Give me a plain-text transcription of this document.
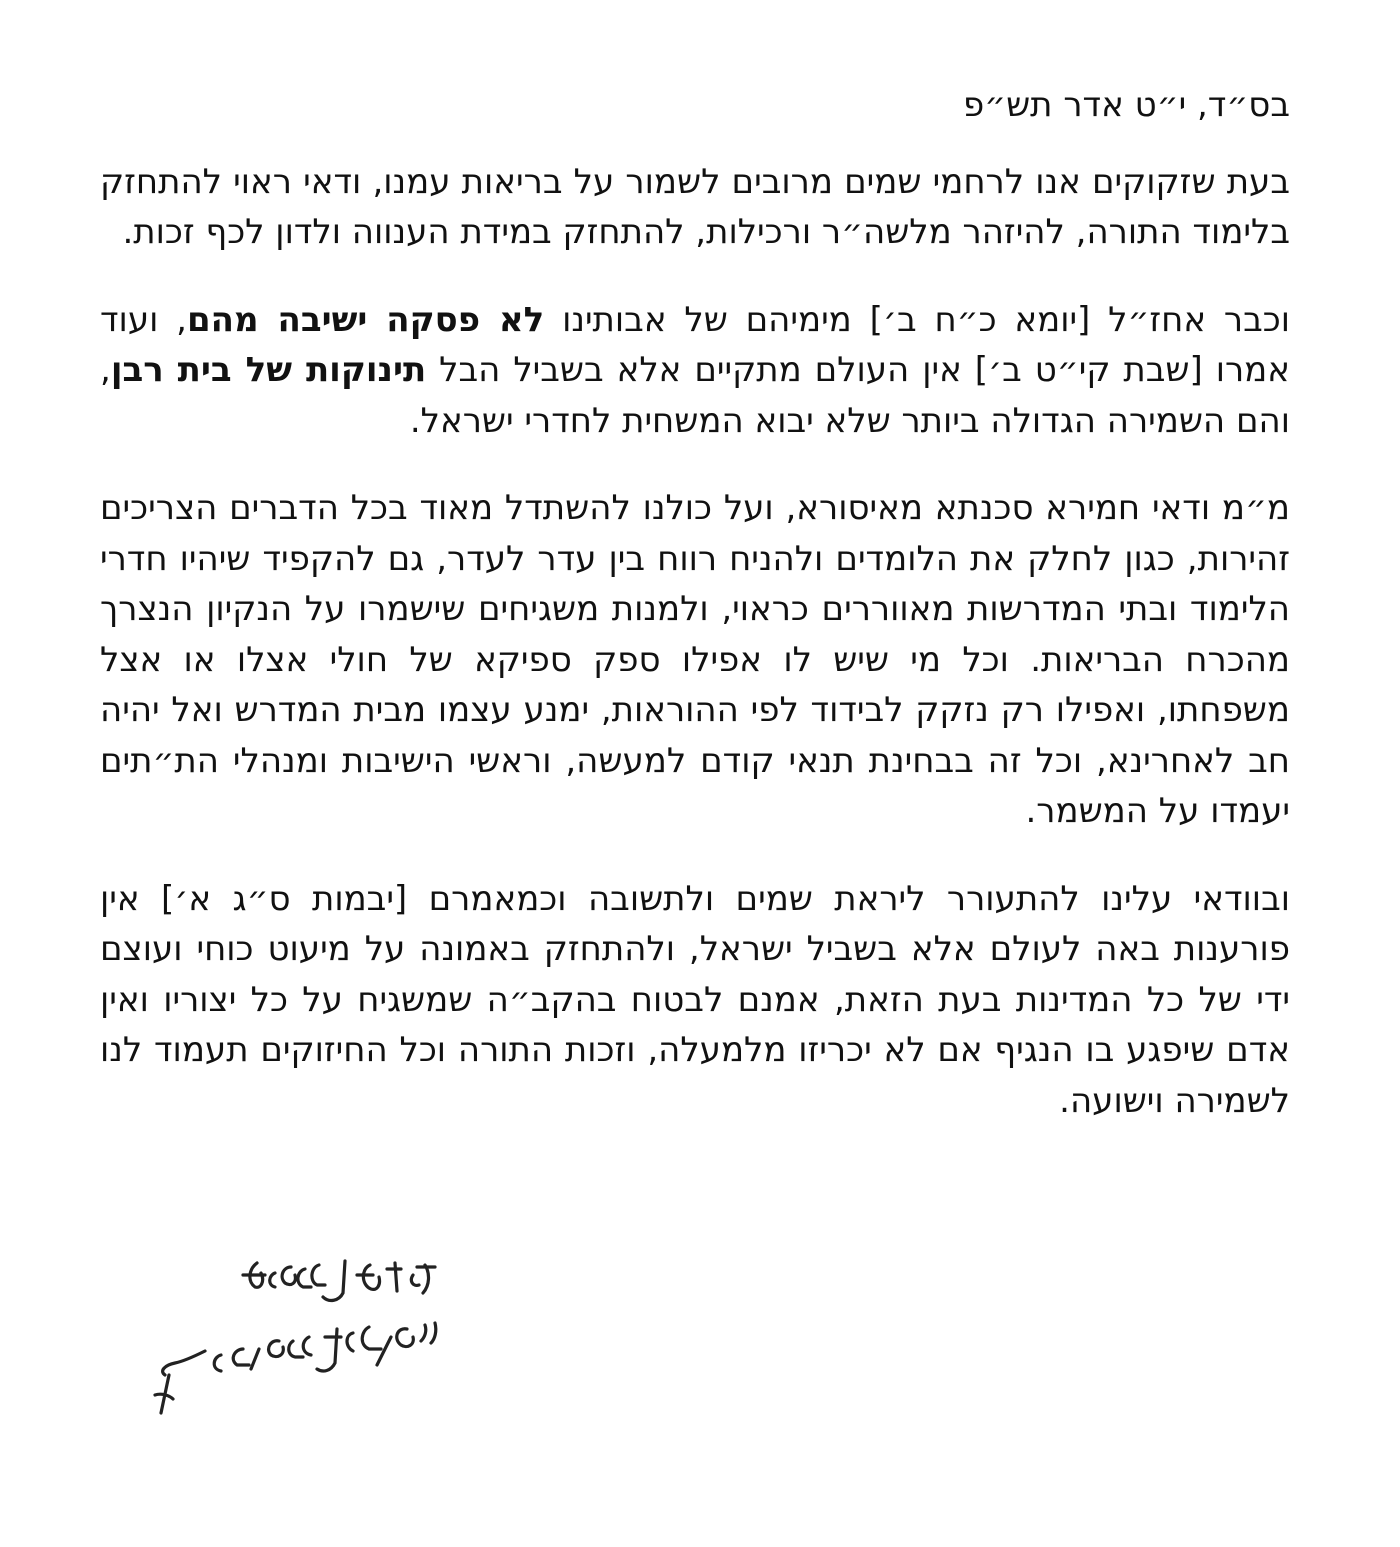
בס״ד, י״ט אדר תש״פ

בעת שזקוקים אנו לרחמי שמים מרובים לשמור על בריאות עמנו, ודאי ראוי להתחזק בלימוד התורה, להיזהר מלשה״ר ורכילות, להתחזק במידת הענווה ולדון לכף זכות.

וכבר אחז״ל [יומא כ״ח ב׳] מימיהם של אבותינו לא פסקה ישיבה מהם, ועוד אמרו [שבת קי״ט ב׳] אין העולם מתקיים אלא בשביל הבל תינוקות של בית רבן, והם השמירה הגדולה ביותר שלא יבוא המשחית לחדרי ישראל.

מ״מ ודאי חמירא סכנתא מאיסורא, ועל כולנו להשתדל מאוד בכל הדברים הצריכים זהירות, כגון לחלק את הלומדים ולהניח רווח בין עדר לעדר, גם להקפיד שיהיו חדרי הלימוד ובתי המדרשות מאווררים כראוי, ולמנות משגיחים שישמרו על הנקיון הנצרך מהכרח הבריאות. וכל מי שיש לו אפילו ספק ספיקא של חולי אצלו או אצל משפחתו, ואפילו רק נזקק לבידוד לפי ההוראות, ימנע עצמו מבית המדרש ואל יהיה חב לאחרינא, וכל זה בבחינת תנאי קודם למעשה, וראשי הישיבות ומנהלי הת״תים יעמדו על המשמר.

ובוודאי עלינו להתעורר ליראת שמים ולתשובה וכמאמרם [יבמות ס״ג א׳] אין פורענות באה לעולם אלא בשביל ישראל, ולהתחזק באמונה על מיעוט כוחי ועוצם ידי של כל המדינות בעת הזאת, אמנם לבטוח בהקב״ה שמשגיח על כל יצוריו ואין אדם שיפגע בו הנגיף אם לא יכריזו מלמעלה, וזכות התורה וכל החיזוקים תעמוד לנו לשמירה וישועה.
